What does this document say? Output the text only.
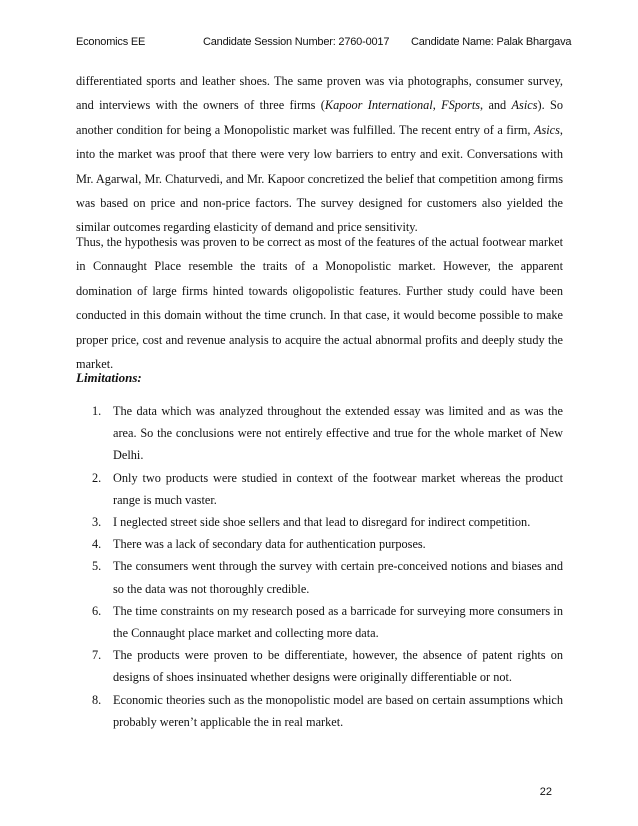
Economics EE	Candidate Session Number: 2760-0017 Candidate Name: Palak Bhargava
differentiated sports and leather shoes. The same proven was via photographs, consumer survey, and interviews with the owners of three firms (Kapoor International, FSports, and Asics). So another condition for being a Monopolistic market was fulfilled. The recent entry of a firm, Asics, into the market was proof that there were very low barriers to entry and exit. Conversations with Mr. Agarwal, Mr. Chaturvedi, and Mr. Kapoor concretized the belief that competition among firms was based on price and non-price factors. The survey designed for customers also yielded the similar outcomes regarding elasticity of demand and price sensitivity.
Thus, the hypothesis was proven to be correct as most of the features of the actual footwear market in Connaught Place resemble the traits of a Monopolistic market. However, the apparent domination of large firms hinted towards oligopolistic features. Further study could have been conducted in this domain without the time crunch. In that case, it would become possible to make proper price, cost and revenue analysis to acquire the actual abnormal profits and deeply study the market.
Limitations:
1. The data which was analyzed throughout the extended essay was limited and as was the area. So the conclusions were not entirely effective and true for the whole market of New Delhi.
2. Only two products were studied in context of the footwear market whereas the product range is much vaster.
3. I neglected street side shoe sellers and that lead to disregard for indirect competition.
4. There was a lack of secondary data for authentication purposes.
5. The consumers went through the survey with certain pre-conceived notions and biases and so the data was not thoroughly credible.
6. The time constraints on my research posed as a barricade for surveying more consumers in the Connaught place market and collecting more data.
7. The products were proven to be differentiate, however, the absence of patent rights on designs of shoes insinuated whether designs were originally differentiable or not.
8. Economic theories such as the monopolistic model are based on certain assumptions which probably weren’t applicable the in real market.
22
